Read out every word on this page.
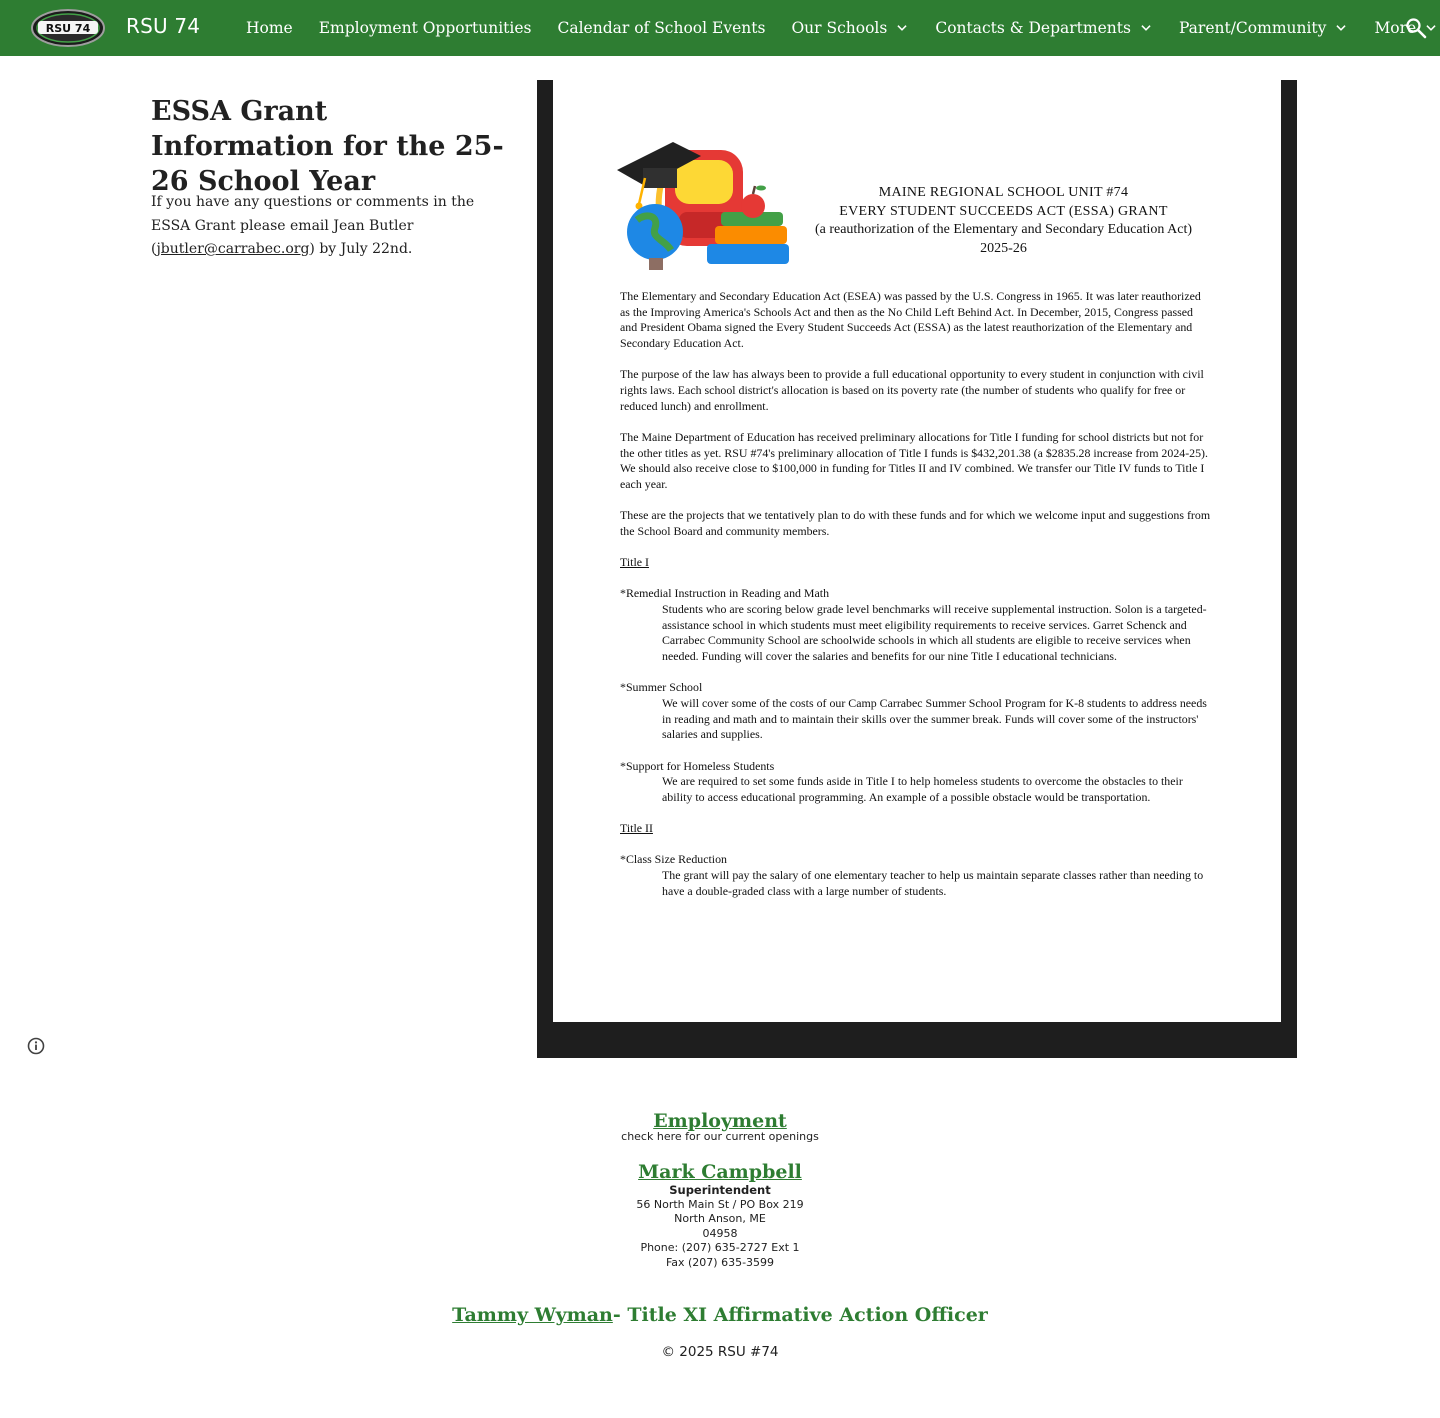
RSU 74 RSU 74	Home Employment Opportunities Calendar of School Events Our Schools	Contacts & Departments	Parent/Community	More
ESSA Grant Information for the 25-26 School Year

If you have any questions or comments in the ESSA Grant please email Jean Butler (jbutler@carrabec.org) by July 22nd.

MAINE REGIONAL SCHOOL UNIT #74
EVERY STUDENT SUCCEEDS ACT (ESSA) GRANT
(a reauthorization of the Elementary and Secondary Education Act)
2025-26

The Elementary and Secondary Education Act (ESEA) was passed by the U.S. Congress in 1965. It was later reauthorized as the Improving America's Schools Act and then as the No Child Left Behind Act. In December, 2015, Congress passed and President Obama signed the Every Student Succeeds Act (ESSA) as the latest reauthorization of the Elementary and Secondary Education Act.

The purpose of the law has always been to provide a full educational opportunity to every student in conjunction with civil rights laws. Each school district's allocation is based on its poverty rate (the number of students who qualify for free or reduced lunch) and enrollment.

The Maine Department of Education has received preliminary allocations for Title I funding for school districts but not for the other titles as yet. RSU #74's preliminary allocation of Title I funds is $432,201.38 (a $2835.28 increase from 2024-25). We should also receive close to $100,000 in funding for Titles II and IV combined. We transfer our Title IV funds to Title I each year.

These are the projects that we tentatively plan to do with these funds and for which we welcome input and suggestions from the School Board and community members.

Title I

*Remedial Instruction in Reading and Math

Students who are scoring below grade level benchmarks will receive supplemental instruction. Solon is a targeted-assistance school in which students must meet eligibility requirements to receive services. Garret Schenck and Carrabec Community School are schoolwide schools in which all students are eligible to receive services when needed. Funding will cover the salaries and benefits for our nine Title I educational technicians.

*Summer School

We will cover some of the costs of our Camp Carrabec Summer School Program for K-8 students to address needs in reading and math and to maintain their skills over the summer break. Funds will cover some of the instructors' salaries and supplies.

*Support for Homeless Students

We are required to set some funds aside in Title I to help homeless students to overcome the obstacles to their ability to access educational programming. An example of a possible obstacle would be transportation.

Title II

*Class Size Reduction

The grant will pay the salary of one elementary teacher to help us maintain separate classes rather than needing to have a double-graded class with a large number of students.

Employment
check here for our current openings
Mark Campbell
Superintendent
56 North Main St / PO Box 219
North Anson, ME
04958
Phone: (207) 635-2727 Ext 1
Fax (207) 635-3599
Tammy Wyman- Title XI Affirmative Action Officer
© 2025 RSU #74
